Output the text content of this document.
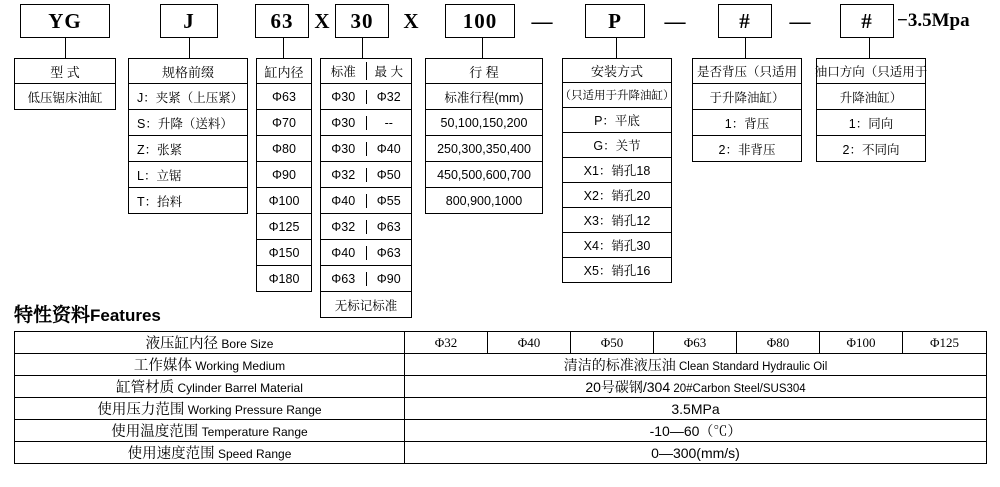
YG	J	63 X 30	X	100	—	P	—	#	—	#	−3.5Mpa
型 式
低压锯床油缸
规格前缀
J：夹紧（上压紧）
S：升降（送料）
Z：张紧
L：立锯
T：抬料
缸内径
Φ63
Φ70
Φ80
Φ90
Φ100
Φ125
Φ150
Φ180
标准	最 大
Φ30	Φ32
Φ30	--
Φ30	Φ40
Φ32	Φ50
Φ40	Φ55
Φ32	Φ63
Φ40	Φ63
Φ63	Φ90
无标记标准
行 程
标准行程(mm)
50,100,150,200
250,300,350,400
450,500,600,700
800,900,1000
安装方式
（只适用于升降油缸）
P：平底
G：关节
X1：销孔18
X2：销孔20
X3：销孔12
X4：销孔30
X5：销孔16
是否背压（只适用
于升降油缸）
1：背压
2：非背压
油口方向（只适用于
升降油缸）
1：同向
2：不同向
特性资料Features
液压缸内径 Bore Size	Φ32	Φ40	Φ50	Φ63	Φ80	Φ100	Φ125
工作媒体 Working Medium	清洁的标准液压油 Clean Standard Hydraulic Oil						
缸管材质 Cylinder Barrel Material	20号碳钢/304 20#Carbon Steel/SUS304						
使用压力范围 Working Pressure Range	3.5MPa						
使用温度范围 Temperature Range	-10—60（℃）						
使用速度范围 Speed Range	0—300(mm/s)						
